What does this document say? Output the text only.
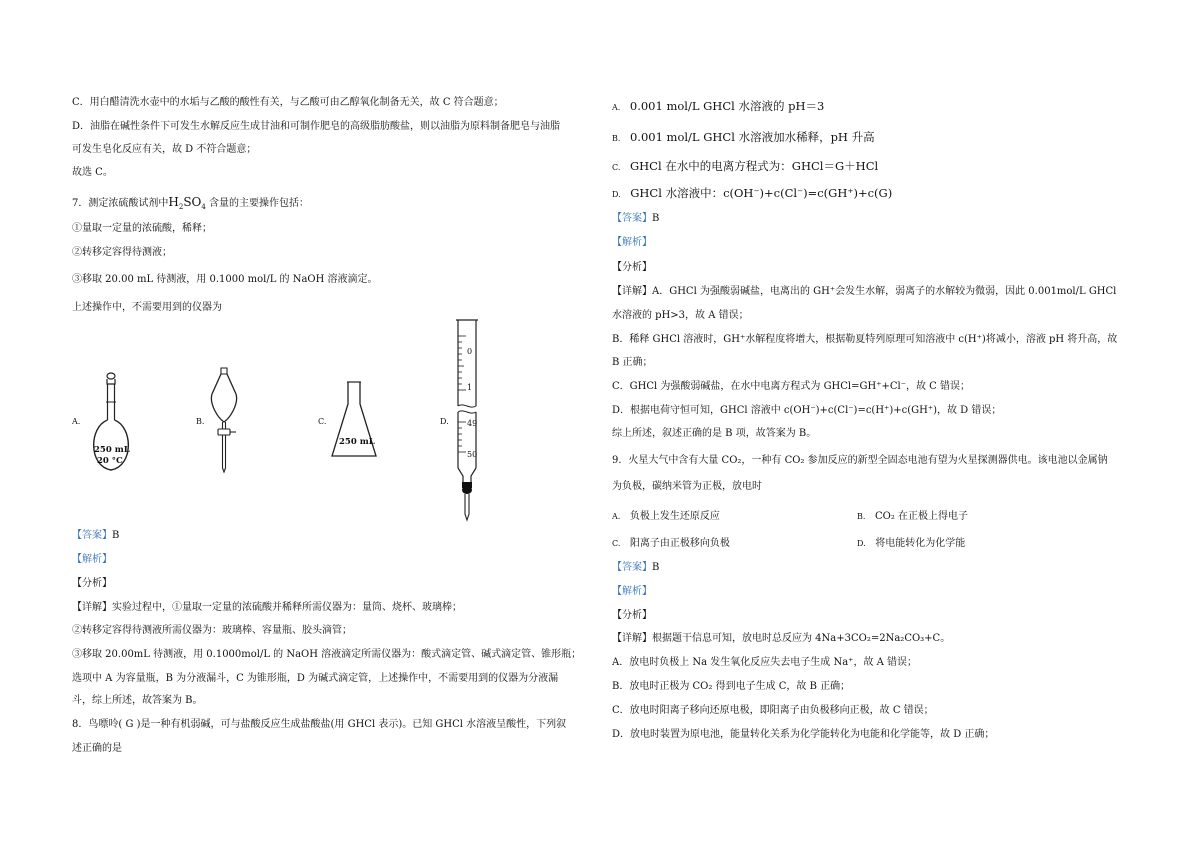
C．用白醋清洗水壶中的水垢与乙酸的酸性有关，与乙酸可由乙醇氧化制备无关，故 C 符合题意；
D．油脂在碱性条件下可发生水解反应生成甘油和可制作肥皂的高级脂肪酸盐，则以油脂为原料制备肥皂与油脂
可发生皂化反应有关，故 D 不符合题意；
故选 C。
7．测定浓硫酸试剂中$H_2SO_4$ 含量的主要操作包括：
①量取一定量的浓硫酸，稀释；
②转移定容得待测液；
③移取 20.00 mL 待测液，用 0.1000 mol/L 的 NaOH 溶液滴定。
上述操作中，不需要用到的仪器为
A.	B.	C.	D.
250 mL
20 °C
250 mL
0
1
49
50
【答案】B
【解析】
【分析】
【详解】实验过程中，①量取一定量的浓硫酸并稀释所需仪器为：量筒、烧杯、玻璃棒；
②转移定容得待测液所需仪器为：玻璃棒、容量瓶、胶头滴管；
③移取 20.00mL 待测液，用 0.1000mol/L 的 NaOH 溶液滴定所需仪器为：酸式滴定管、碱式滴定管、锥形瓶；
选项中 A 为容量瓶，B 为分液漏斗，C 为锥形瓶，D 为碱式滴定管，上述操作中，不需要用到的仪器为分液漏
斗，综上所述，故答案为 B。
8．鸟嘌呤( G )是一种有机弱碱，可与盐酸反应生成盐酸盐(用 GHCl 表示)。已知 GHCl 水溶液呈酸性，下列叙
述正确的是
A. 0.001 mol/L GHCl 水溶液的 pH＝3
B. 0.001 mol/L GHCl 水溶液加水稀释，pH 升高
C. GHCl 在水中的电离方程式为：GHCl＝G＋HCl
D. GHCl 水溶液中：c(OH⁻)+c(Cl⁻)=c(GH⁺)+c(G)
【答案】B
【解析】
【分析】
【详解】A．GHCl 为强酸弱碱盐，电离出的 GH⁺会发生水解，弱离子的水解较为微弱，因此 0.001mol/L GHCl
水溶液的 pH>3，故 A 错误；
B．稀释 GHCl 溶液时，GH⁺水解程度将增大，根据勒夏特列原理可知溶液中 c(H⁺)将减小，溶液 pH 将升高，故
B 正确；
C．GHCl 为强酸弱碱盐，在水中电离方程式为 GHCl=GH⁺+Cl⁻，故 C 错误；
D．根据电荷守恒可知，GHCl 溶液中 c(OH⁻)+c(Cl⁻)=c(H⁺)+c(GH⁺)，故 D 错误；
综上所述，叙述正确的是 B 项，故答案为 B。
9．火星大气中含有大量 CO₂，一种有 CO₂ 参加反应的新型全固态电池有望为火星探测器供电。该电池以金属钠
为负极，碳纳米管为正极，放电时
A. 负极上发生还原反应	B. CO₂ 在正极上得电子
C. 阳离子由正极移向负极	D. 将电能转化为化学能
【答案】B
【解析】
【分析】
【详解】根据题干信息可知，放电时总反应为 4Na+3CO₂=2Na₂CO₃+C。
A．放电时负极上 Na 发生氧化反应失去电子生成 Na⁺，故 A 错误；
B．放电时正极为 CO₂ 得到电子生成 C，故 B 正确；
C．放电时阳离子移向还原电极，即阳离子由负极移向正极，故 C 错误；
D．放电时装置为原电池，能量转化关系为化学能转化为电能和化学能等，故 D 正确；
